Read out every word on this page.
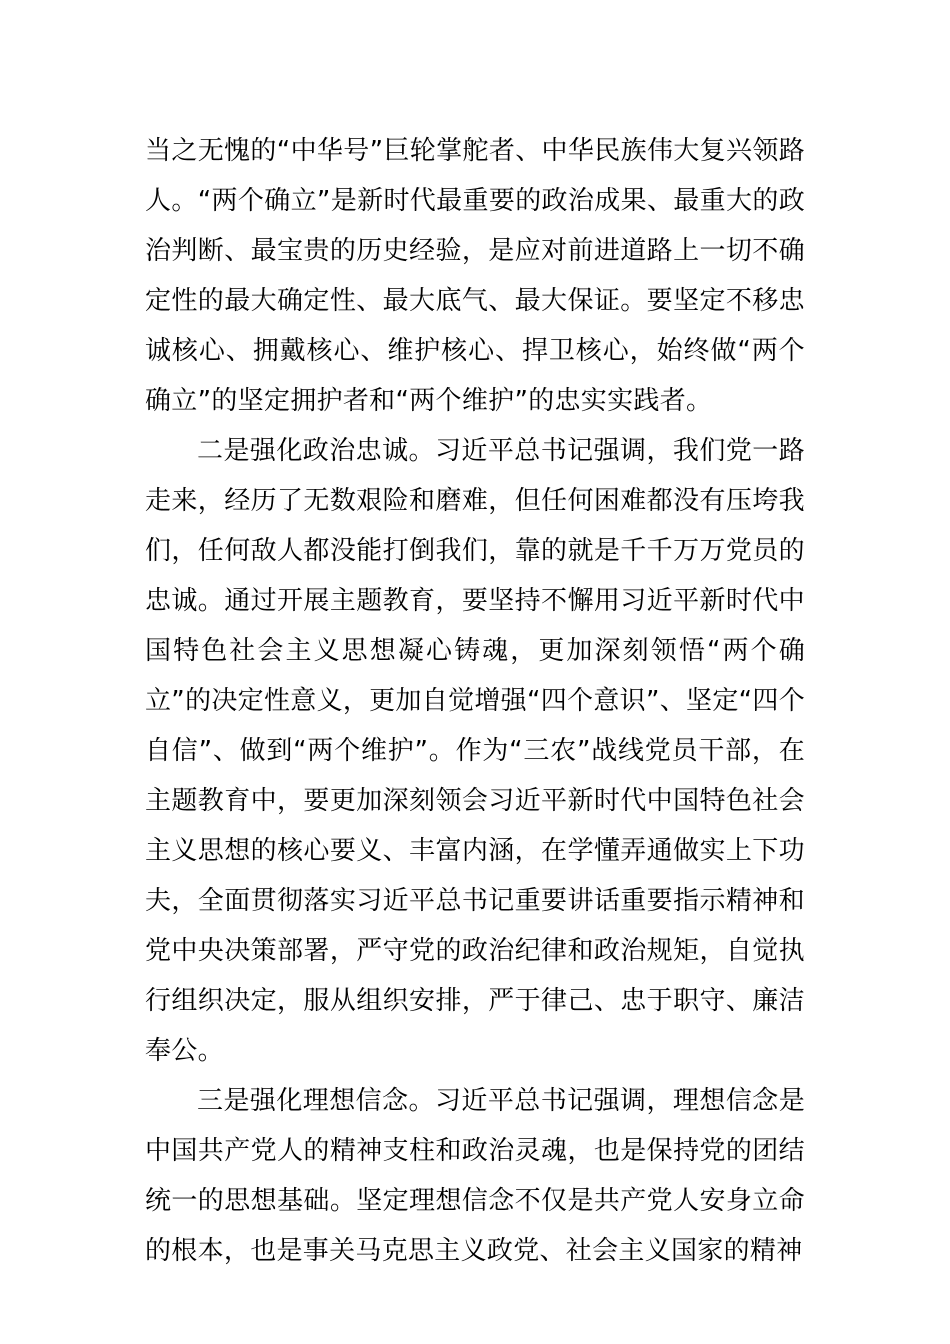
当之无愧的“中华号”巨轮掌舵者、中华民族伟大复兴领路人。“两个确立”是新时代最重要的政治成果、最重大的政治判断、最宝贵的历史经验，是应对前进道路上一切不确定性的最大确定性、最大底气、最大保证。要坚定不移忠诚核心、拥戴核心、维护核心、捍卫核心，始终做“两个确立”的坚定拥护者和“两个维护”的忠实实践者。

二是强化政治忠诚。习近平总书记强调，我们党一路走来，经历了无数艰险和磨难，但任何困难都没有压垮我们，任何敌人都没能打倒我们，靠的就是千千万万党员的忠诚。通过开展主题教育，要坚持不懈用习近平新时代中国特色社会主义思想凝心铸魂，更加深刻领悟“两个确立”的决定性意义，更加自觉增强“四个意识”、坚定“四个自信”、做到“两个维护”。作为“三农”战线党员干部，在主题教育中，要更加深刻领会习近平新时代中国特色社会主义思想的核心要义、丰富内涵，在学懂弄通做实上下功夫，全面贯彻落实习近平总书记重要讲话重要指示精神和党中央决策部署，严守党的政治纪律和政治规矩，自觉执行组织决定，服从组织安排，严于律己、忠于职守、廉洁奉公。

三是强化理想信念。习近平总书记强调，理想信念是中国共产党人的精神支柱和政治灵魂，也是保持党的团结统一的思想基础。坚定理想信念不仅是共产党人安身立命的根本，也是事关马克思主义政党、社会主义国家的精神
